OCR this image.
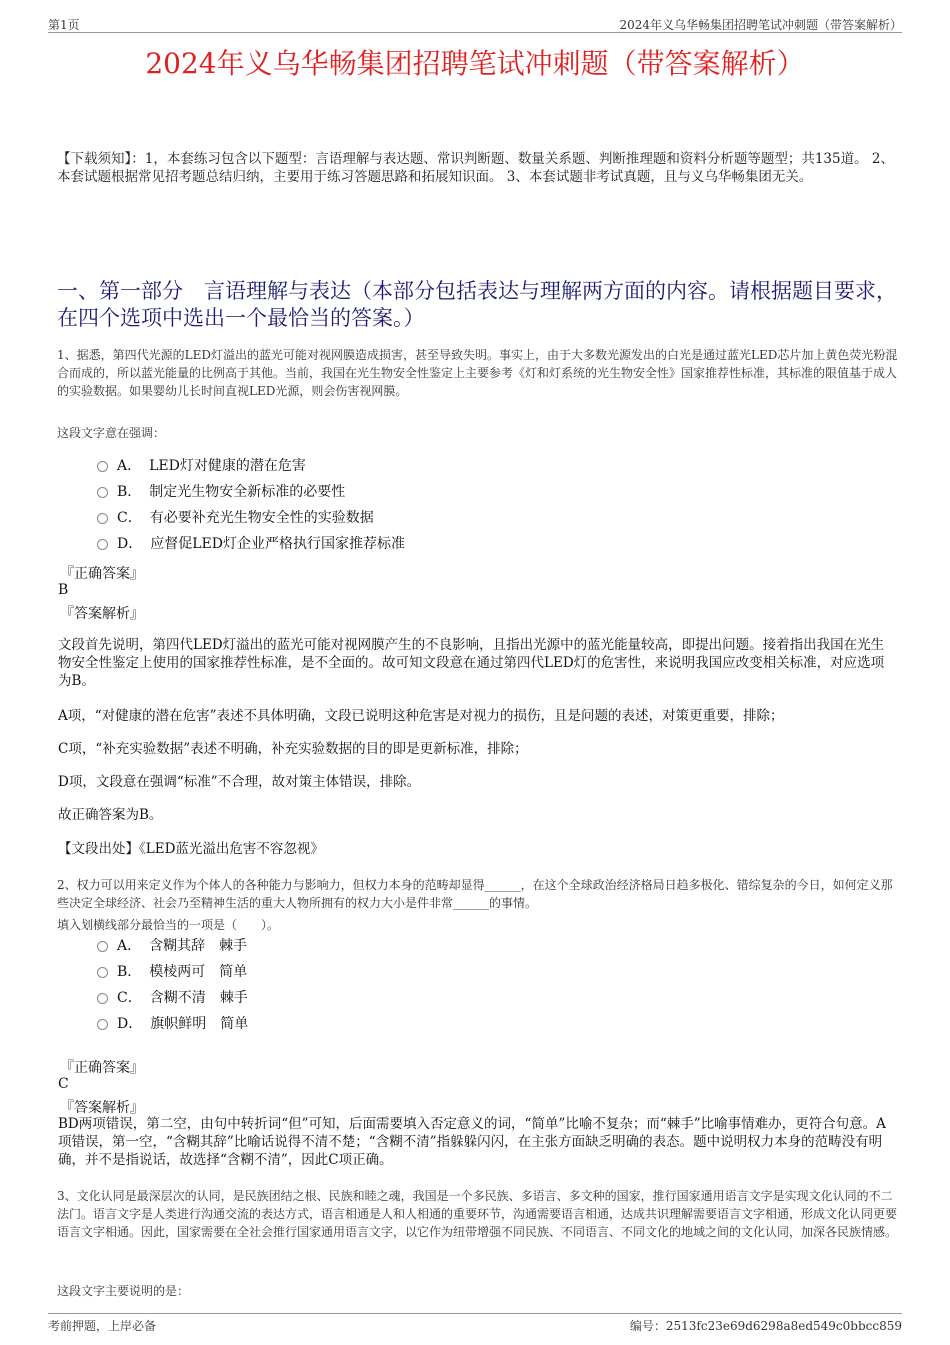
第1页	2024年义乌华畅集团招聘笔试冲刺题（带答案解析）
2024年义乌华畅集团招聘笔试冲刺题（带答案解析）
【下载须知】：1，本套练习包含以下题型：言语理解与表达题、常识判断题、数量关系题、判断推理题和资料分析题等题型；共135道。 2、本套试题根据常见招考题总结归纳，主要用于练习答题思路和拓展知识面。 3、本套试题非考试真题，且与义乌华畅集团无关。
一、第一部分　言语理解与表达（本部分包括表达与理解两方面的内容。请根据题目要求，在四个选项中选出一个最恰当的答案。）
1、据悉，第四代光源的LED灯溢出的蓝光可能对视网膜造成损害，甚至导致失明。事实上，由于大多数光源发出的白光是通过蓝光LED芯片加上黄色荧光粉混合而成的，所以蓝光能量的比例高于其他。当前，我国在光生物安全性鉴定上主要参考《灯和灯系统的光生物安全性》国家推荐性标准，其标准的限值基于成人的实验数据。如果婴幼儿长时间直视LED光源，则会伤害视网膜。
这段文字意在强调：
A． LED灯对健康的潜在危害
B． 制定光生物安全新标准的必要性
C． 有必要补充光生物安全性的实验数据
D． 应督促LED灯企业严格执行国家推荐标准
『正确答案』
B
『答案解析』
文段首先说明，第四代LED灯溢出的蓝光可能对视网膜产生的不良影响，且指出光源中的蓝光能量较高，即提出问题。接着指出我国在光生物安全性鉴定上使用的国家推荐性标准，是不全面的。故可知文段意在通过第四代LED灯的危害性，来说明我国应改变相关标准，对应选项为B。
A项，“对健康的潜在危害”表述不具体明确，文段已说明这种危害是对视力的损伤，且是问题的表述，对策更重要，排除；
C项，“补充实验数据”表述不明确，补充实验数据的目的即是更新标准，排除；
D项，文段意在强调“标准”不合理，故对策主体错误，排除。
故正确答案为B。
【文段出处】《LED蓝光溢出危害不容忽视》
2、权力可以用来定义作为个体人的各种能力与影响力，但权力本身的范畴却显得______，在这个全球政治经济格局日趋多极化、错综复杂的今日，如何定义那些决定全球经济、社会乃至精神生活的重大人物所拥有的权力大小是件非常______的事情。
填入划横线部分最恰当的一项是（　　）。
A． 含糊其辞　棘手
B． 模棱两可　简单
C． 含糊不清　棘手
D． 旗帜鲜明　简单
『正确答案』
C
『答案解析』
BD两项错误，第二空，由句中转折词“但”可知，后面需要填入否定意义的词，“简单”比喻不复杂；而“棘手”比喻事情难办，更符合句意。A项错误，第一空，“含糊其辞”比喻话说得不清不楚；“含糊不清”指躲躲闪闪，在主张方面缺乏明确的表态。题中说明权力本身的范畴没有明确，并不是指说话，故选择“含糊不清”，因此C项正确。
3、文化认同是最深层次的认同，是民族团结之根、民族和睦之魂，我国是一个多民族、多语言、多文种的国家，推行国家通用语言文字是实现文化认同的不二法门。语言文字是人类进行沟通交流的表达方式，语言相通是人和人相通的重要环节，沟通需要语言相通，达成共识理解需要语言文字相通，形成文化认同更要语言文字相通。因此，国家需要在全社会推行国家通用语言文字，以它作为纽带增强不同民族、不同语言、不同文化的地域之间的文化认同，加深各民族情感。
这段文字主要说明的是：
考前押题，上岸必备	编号：2513fc23e69d6298a8ed549c0bbcc859
